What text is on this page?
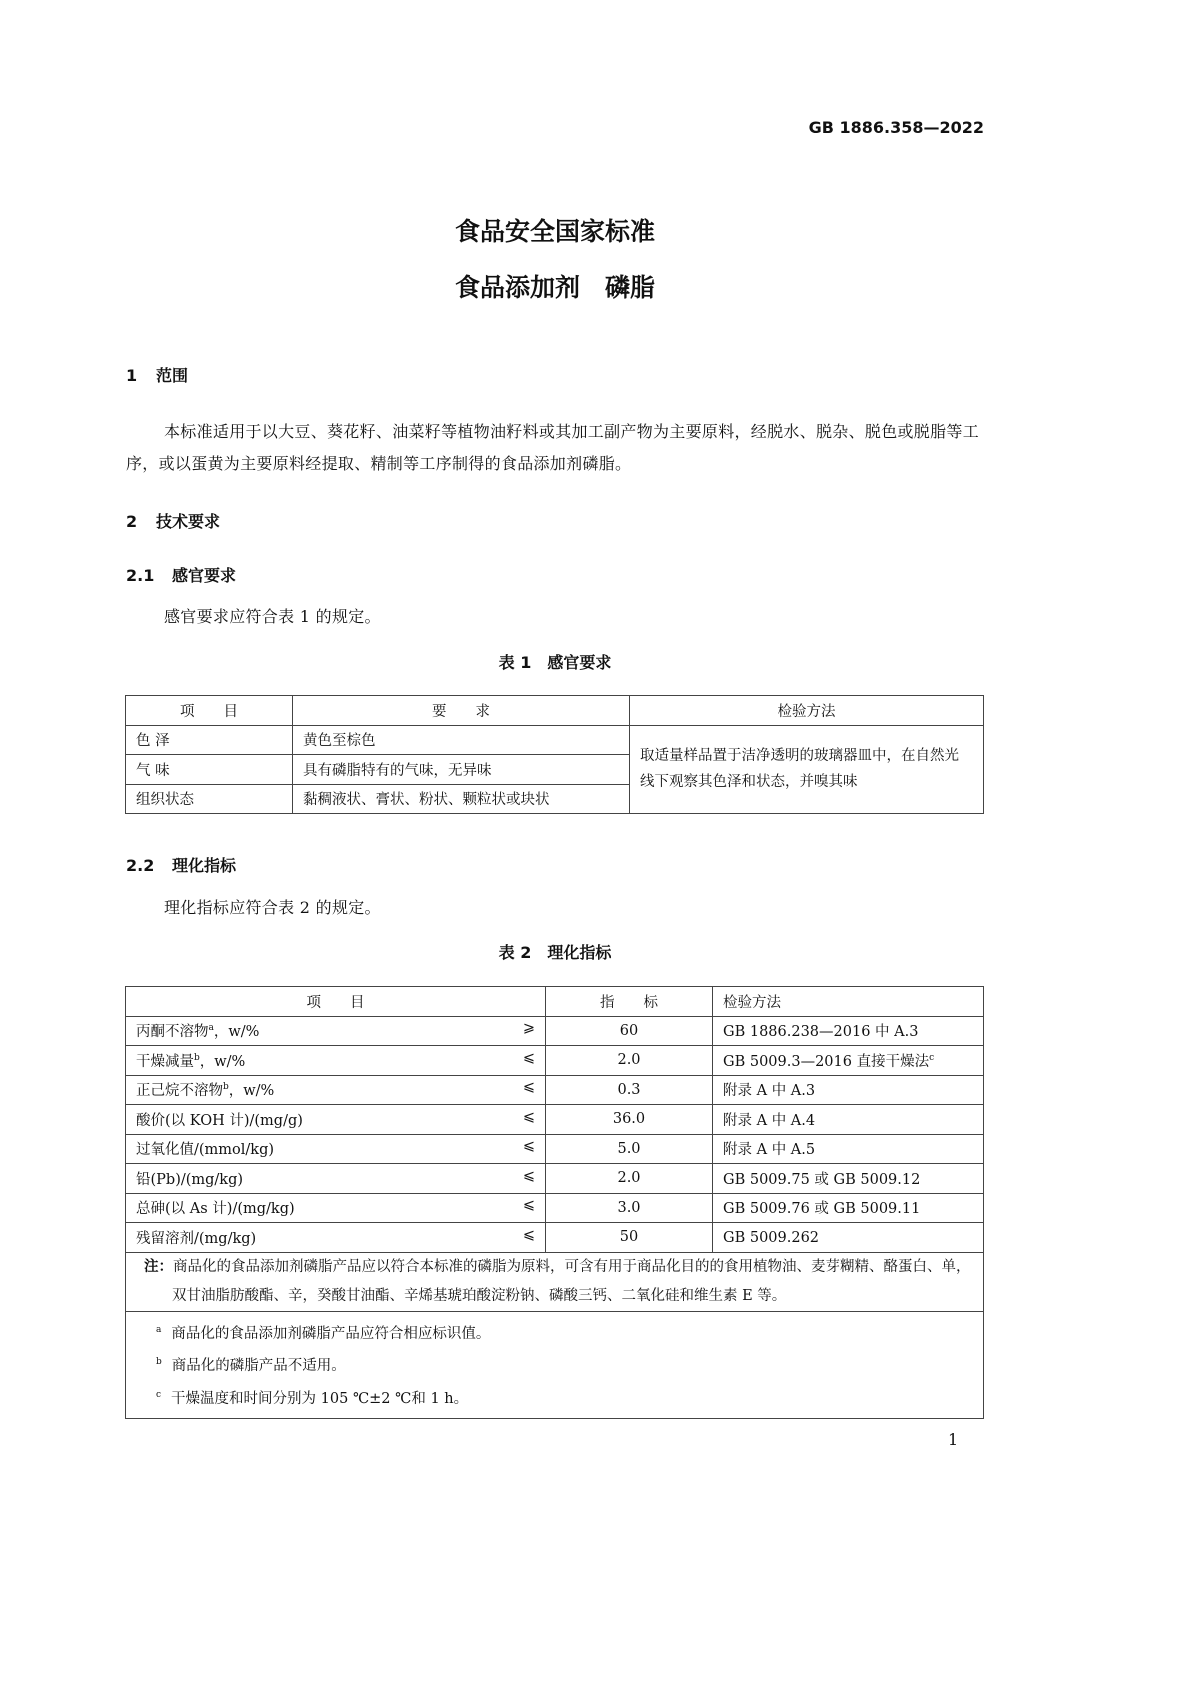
GB 1886.358—2022
食品安全国家标准
食品添加剂　磷脂
1 范围
本标准适用于以大豆、葵花籽、油菜籽等植物油籽料或其加工副产物为主要原料，经脱水、脱杂、脱色或脱脂等工序，或以蛋黄为主要原料经提取、精制等工序制得的食品添加剂磷脂。
2 技术要求
2.1 感官要求
感官要求应符合表 1 的规定。
表 1　感官要求
项　　目	要　　求	检验方法
色 泽	黄色至棕色	取适量样品置于洁净透明的玻璃器皿中，在自然光线下观察其色泽和状态，并嗅其味
气 味	具有磷脂特有的气味，无异味	
组织状态	黏稠液状、膏状、粉状、颗粒状或块状	
2.2 理化指标
理化指标应符合表 2 的规定。
表 2　理化指标
项　　目	指　　标	检验方法
丙酮不溶物$^a$，w/% ⩾	60	GB 1886.238—2016 中 A.3
干燥减量$^b$，w/% ⩽	2.0	GB 5009.3—2016 直接干燥法$^c$
正己烷不溶物$^b$，w/% ⩽	0.3	附录 A 中 A.3
酸价(以 KOH 计)/(mg/g) ⩽	36.0	附录 A 中 A.4
过氧化值/(mmol/kg) ⩽	5.0	附录 A 中 A.5
铅(Pb)/(mg/kg) ⩽	2.0	GB 5009.75 或 GB 5009.12
总砷(以 As 计)/(mg/kg) ⩽	3.0	GB 5009.76 或 GB 5009.11
残留溶剂/(mg/kg) ⩽	50	GB 5009.262
注：商品化的食品添加剂磷脂产品应以符合本标准的磷脂为原料，可含有用于商品化目的的食用植物油、麦芽糊精、酪蛋白、单，双甘油脂肪酸酯、辛，癸酸甘油酯、辛烯基琥珀酸淀粉钠、磷酸三钙、二氧化硅和维生素 E 等。		

$^a$ 商品化的食品添加剂磷脂产品应符合相应标识值。
$^b$ 商品化的磷脂产品不适用。
$^c$ 干燥温度和时间分别为 105 ℃±2 ℃和 1 h。		
1
